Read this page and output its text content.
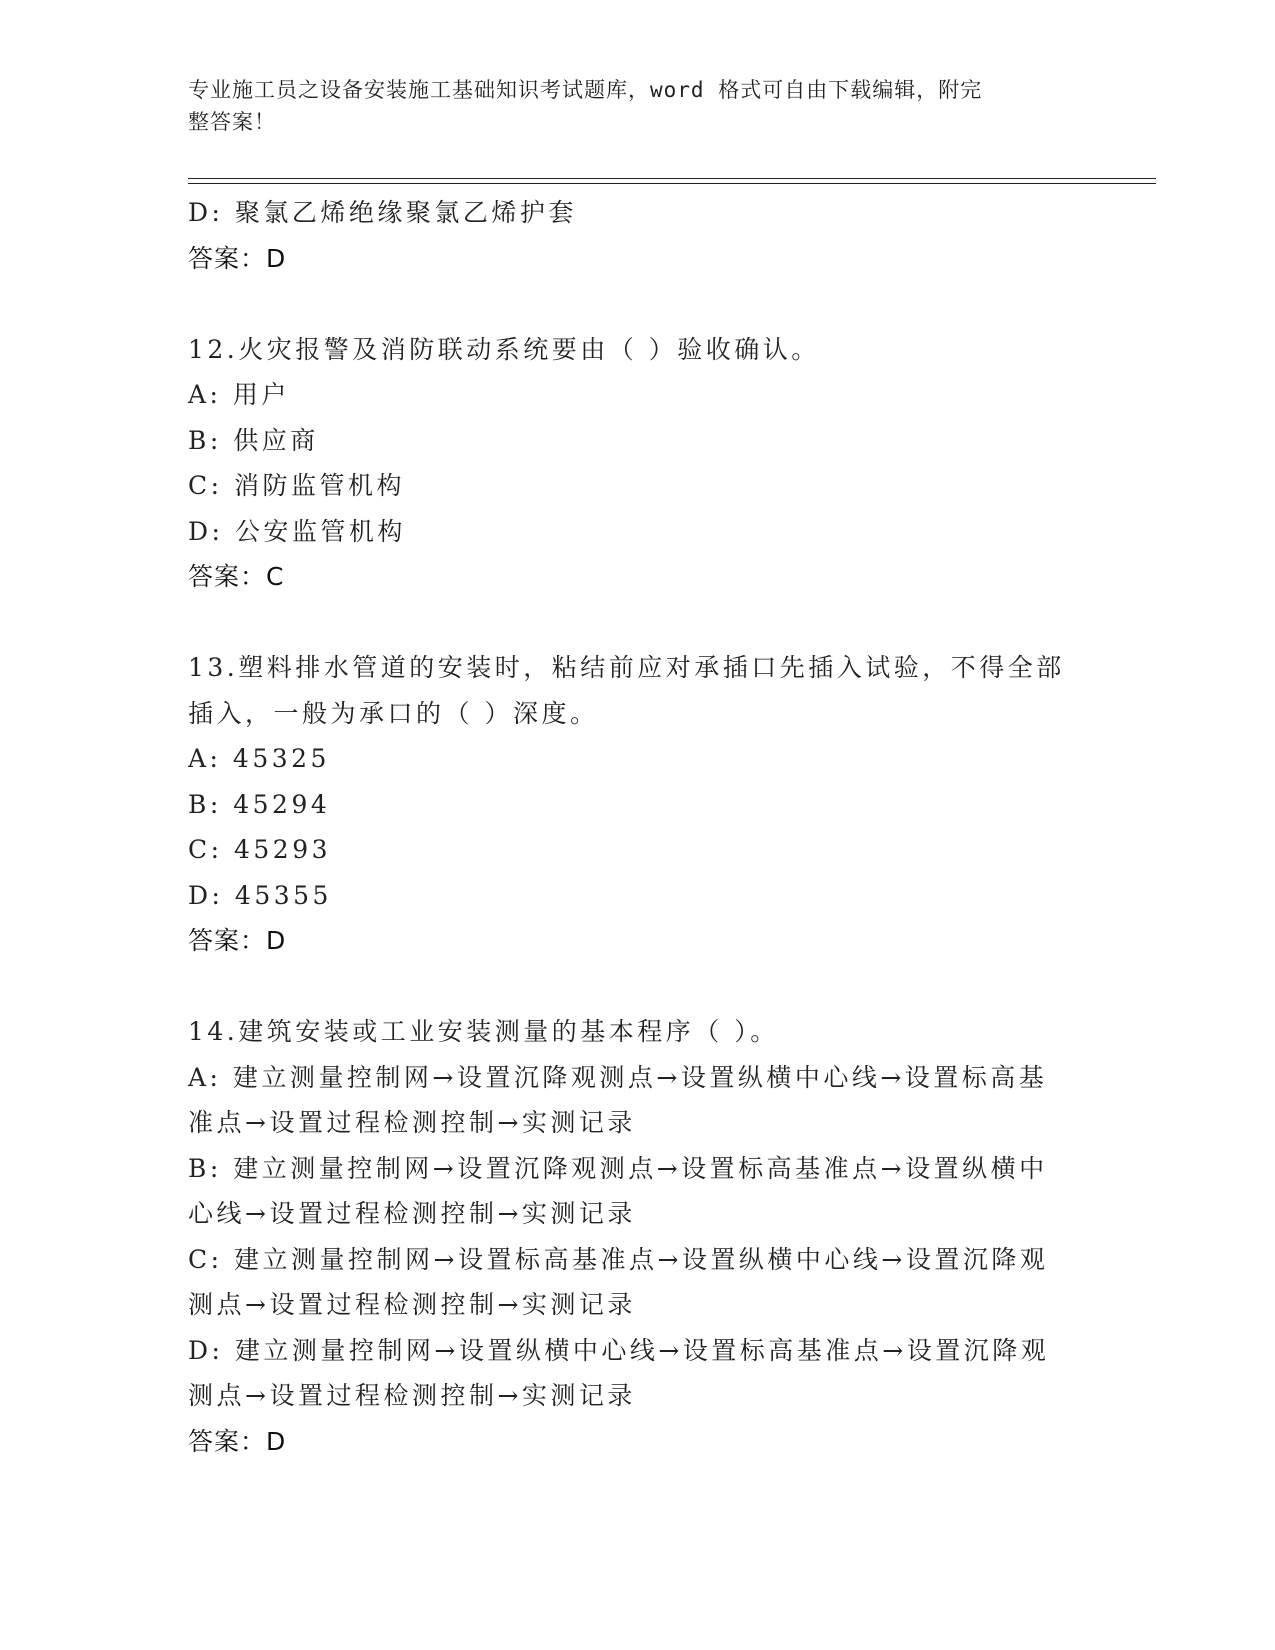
专业施工员之设备安装施工基础知识考试题库，word 格式可自由下载编辑，附完
整答案！
D: 聚氯乙烯绝缘聚氯乙烯护套
答案：D
12.火灾报警及消防联动系统要由（ ）验收确认。
A: 用户
B: 供应商
C: 消防监管机构
D: 公安监管机构
答案：C
13.塑料排水管道的安装时，粘结前应对承插口先插入试验，不得全部
插入，一般为承口的（ ）深度。
A: 45325
B: 45294
C: 45293
D: 45355
答案：D
14.建筑安装或工业安装测量的基本程序（ ）。
A: 建立测量控制网→设置沉降观测点→设置纵横中心线→设置标高基
准点→设置过程检测控制→实测记录
B: 建立测量控制网→设置沉降观测点→设置标高基准点→设置纵横中
心线→设置过程检测控制→实测记录
C: 建立测量控制网→设置标高基准点→设置纵横中心线→设置沉降观
测点→设置过程检测控制→实测记录
D: 建立测量控制网→设置纵横中心线→设置标高基准点→设置沉降观
测点→设置过程检测控制→实测记录
答案：D
